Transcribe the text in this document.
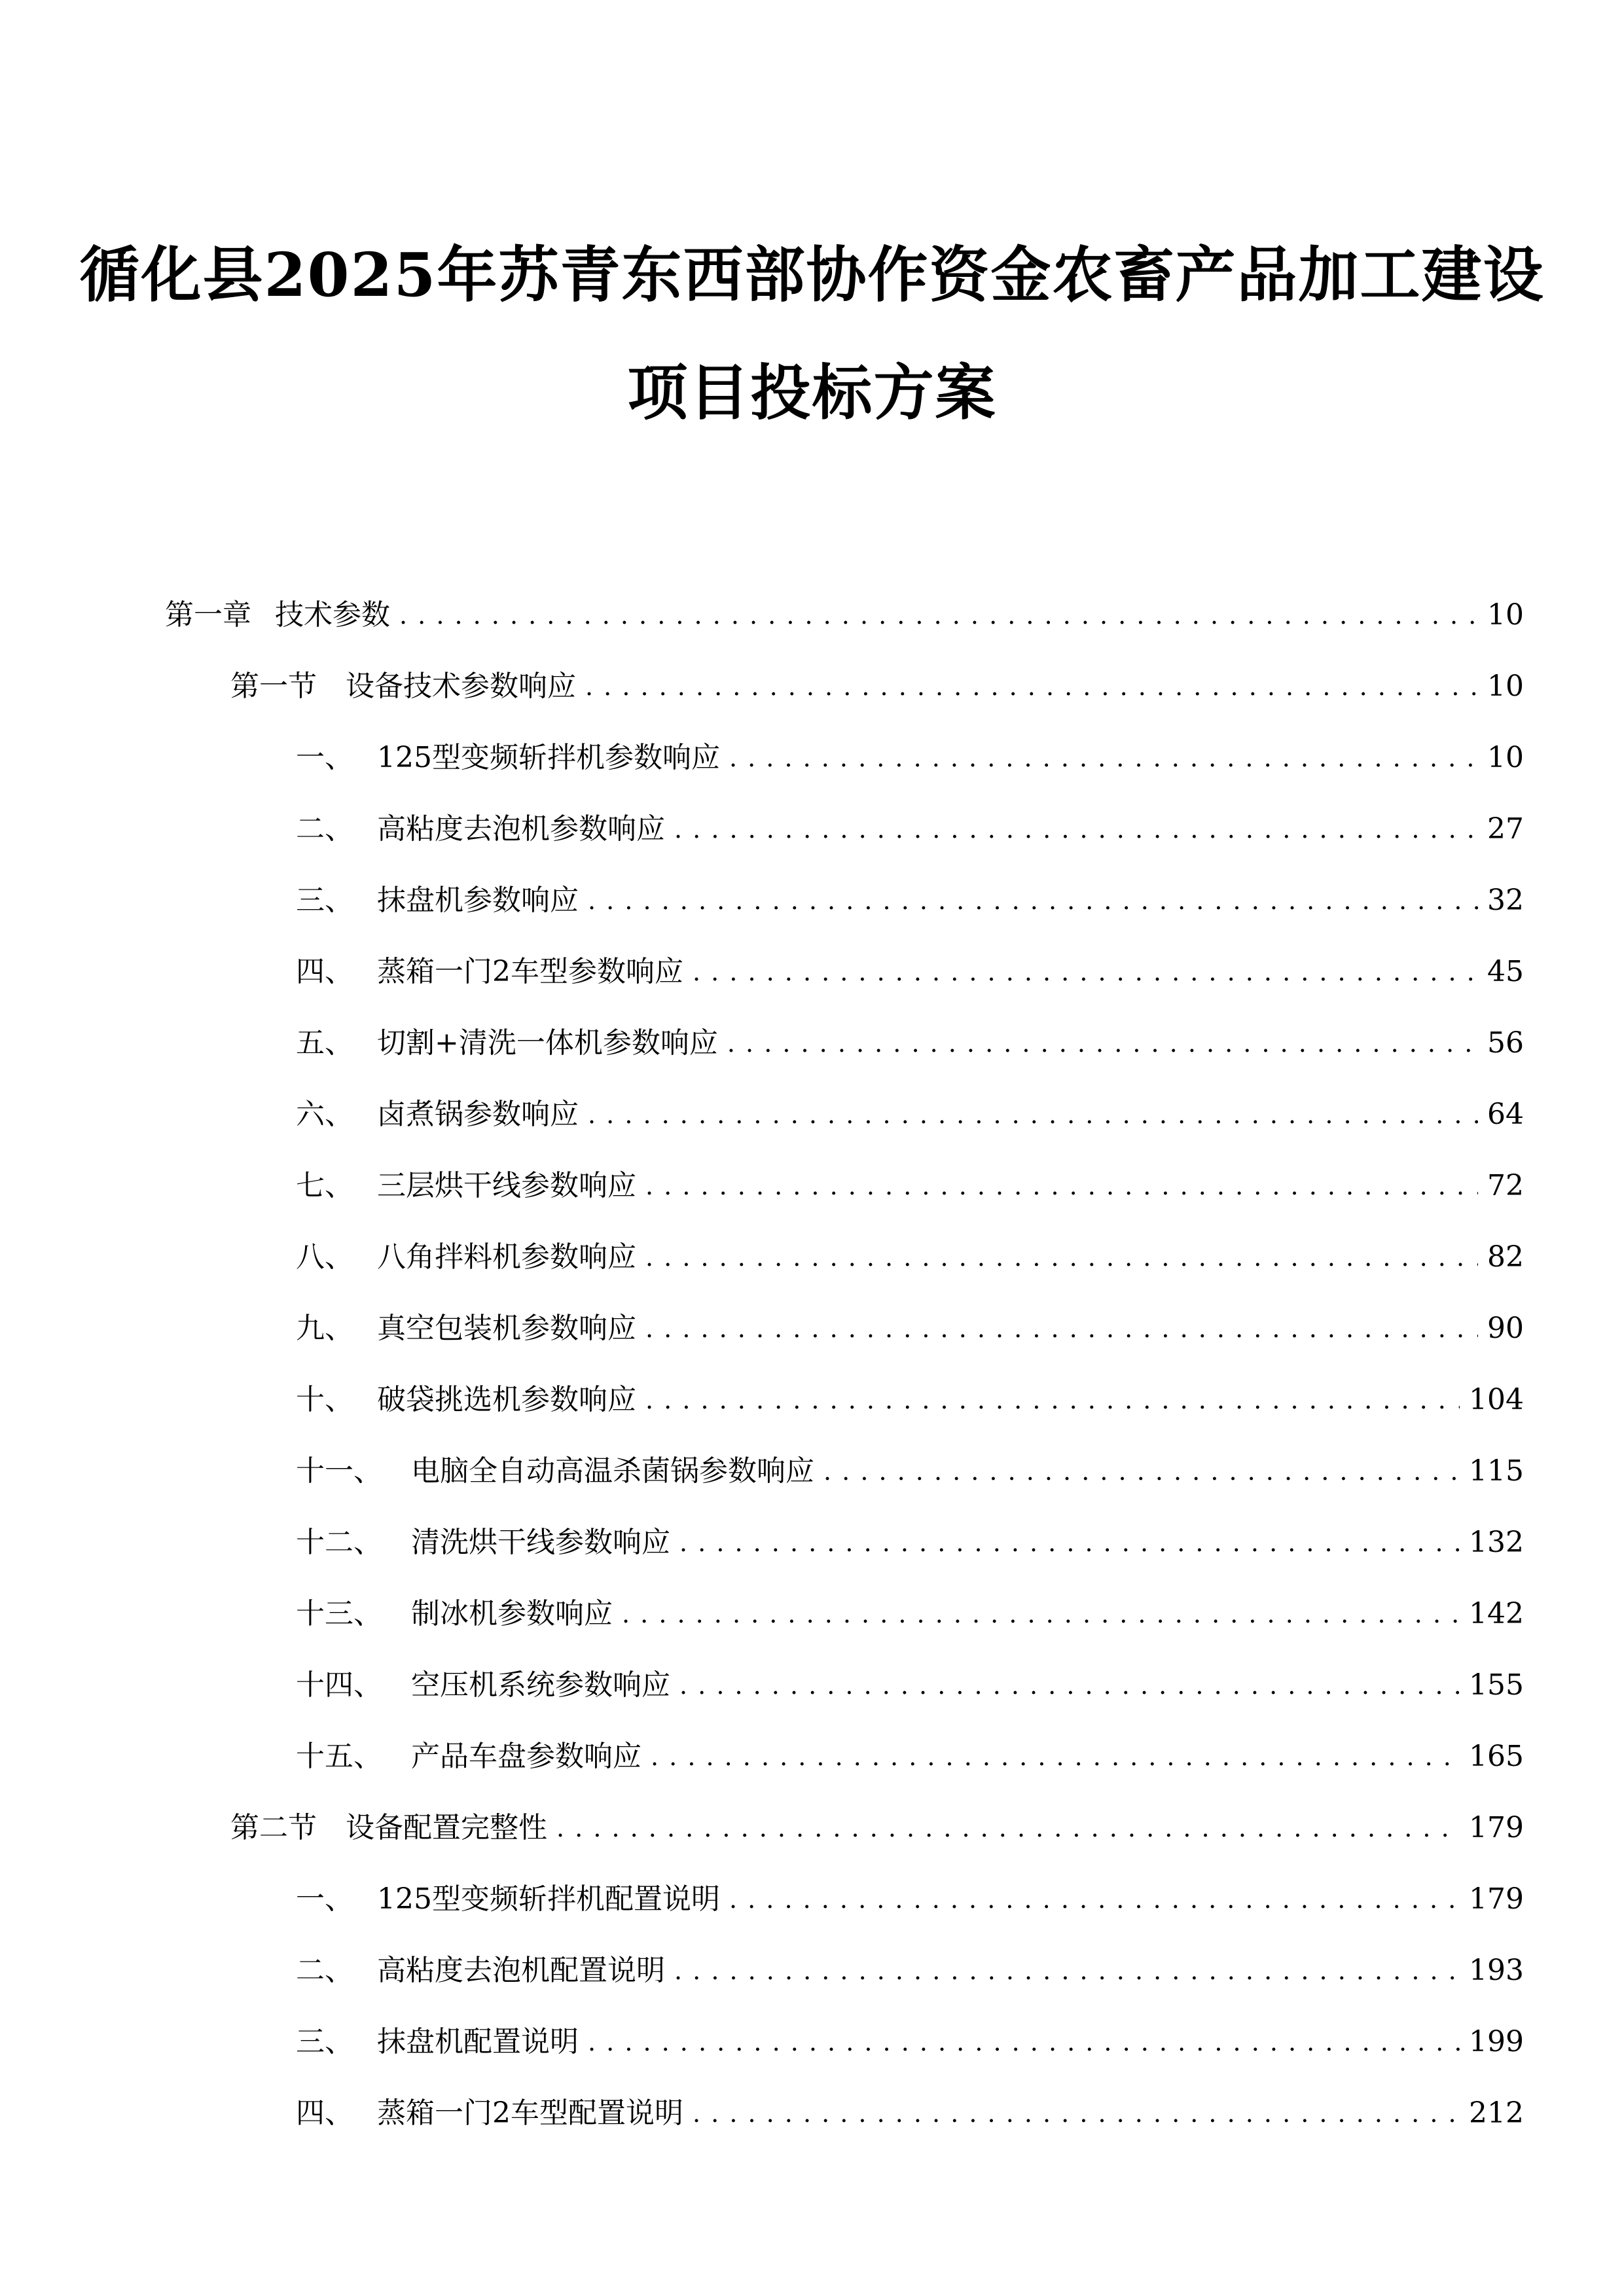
循化县2025年苏青东西部协作资金农畜产品加工建设
项目投标方案
第一章 技术参数 . . .	10
第一节	设备技术参数响应 . . .	10
一、 125型变频斩拌机参数响应 . . .	10
二、 高粘度去泡机参数响应 . . .	27
三、 抹盘机参数响应 . . .	32
四、 蒸箱一门2车型参数响应 . . .	45
五、 切割+清洗一体机参数响应 . . .	56
六、 卤煮锅参数响应 . . .	64
七、 三层烘干线参数响应 . . .	72
八、 八角拌料机参数响应 . . .	82
九、 真空包装机参数响应 . . .	90
十、 破袋挑选机参数响应 . . .	104
十一、	电脑全自动高温杀菌锅参数响应 . . .	115
十二、	清洗烘干线参数响应 . . .	132
十三、	制冰机参数响应 . . .	142
十四、	空压机系统参数响应 . . .	155
十五、	产品车盘参数响应 . . .	165
第二节	设备配置完整性 . . .	179
一、 125型变频斩拌机配置说明 . . .	179
二、 高粘度去泡机配置说明 . . .	193
三、 抹盘机配置说明 . . .	199
四、 蒸箱一门2车型配置说明 . . .	212
